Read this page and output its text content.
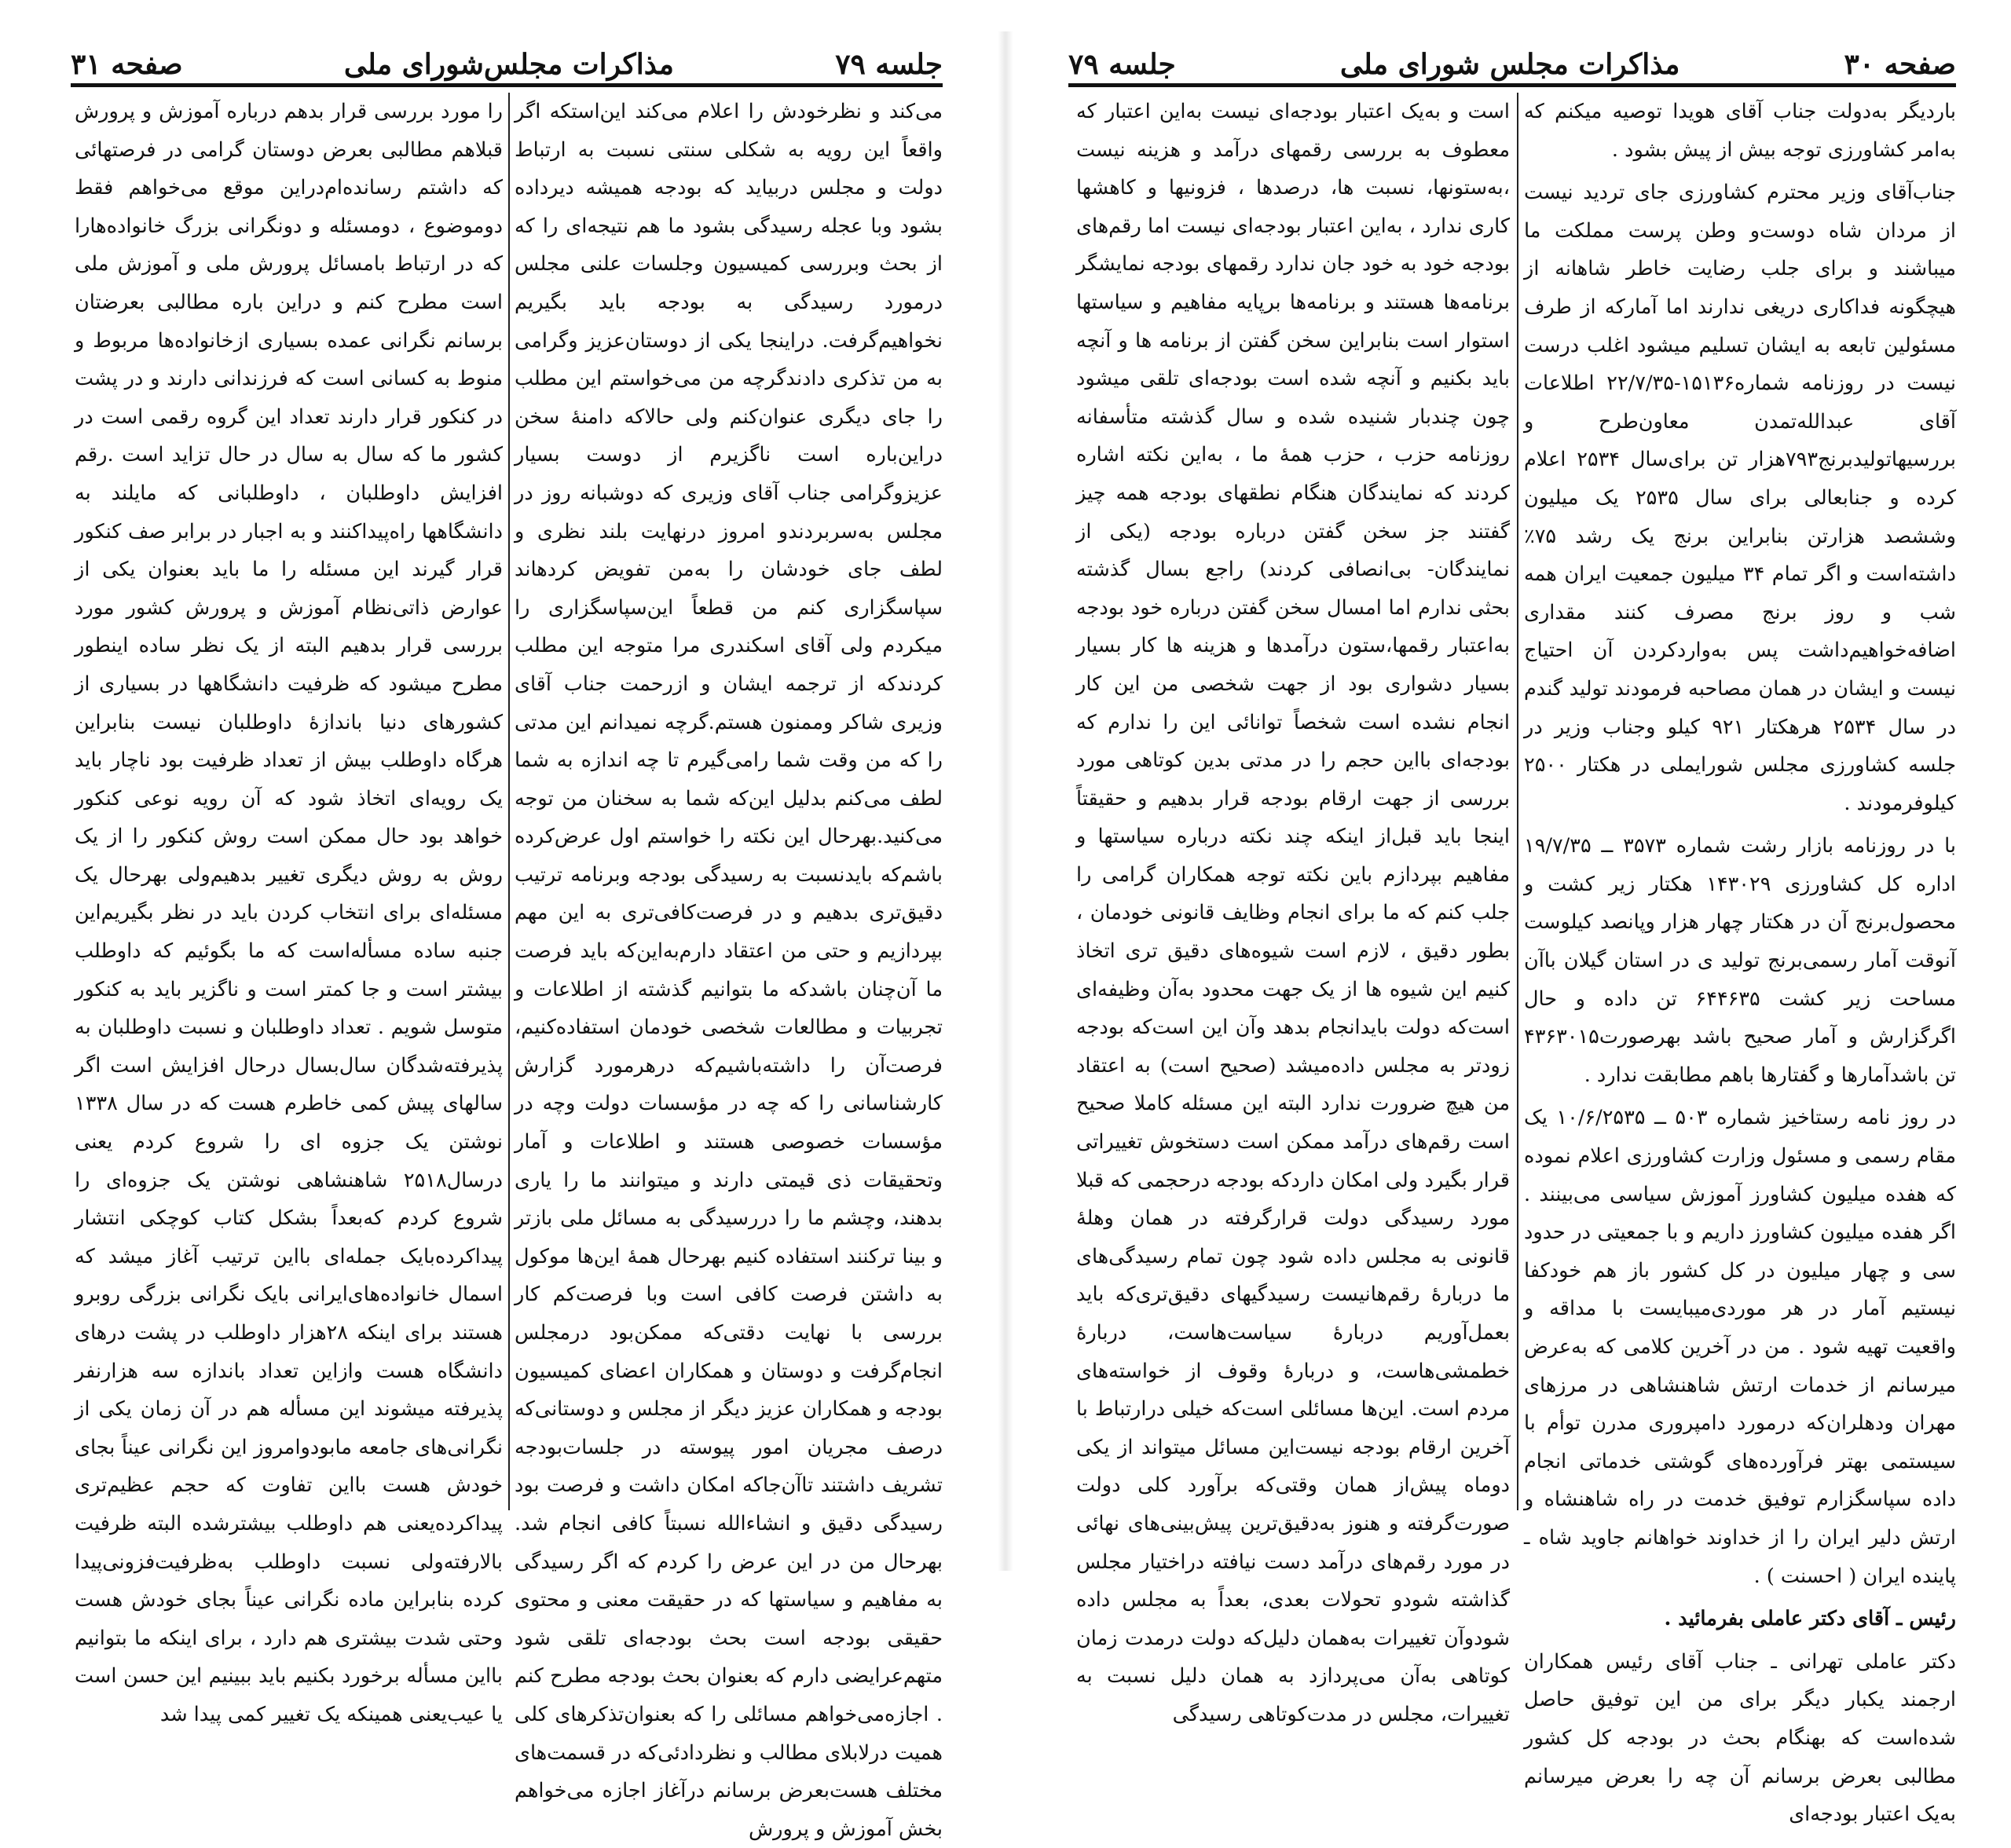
جلسه ۷۹
مذاکرات مجلس‌شورای ملی
صفحه ۳۱

می‌کند و نظرخودش را اعلام می‌کند این‌استکه اگر واقعاً این رویه به شکلی سنتی نسبت به ارتباط دولت و مجلس دربیاید که بودجه همیشه دیرداده بشود وبا عجله رسیدگی بشود ما هم نتیجه‌ای را که از بحث وبررسی کمیسیون وجلسات علنی مجلس درمورد رسیدگی به بودجه باید بگیریم نخواهیم‌گرفت. دراینجا یکی از دوستان‌عزیز وگرامی به من تذکری دادندگرچه من می‌خواستم این مطلب را جای دیگری عنوان‌کنم ولی حالاکه دامنهٔ سخن دراین‌باره است ناگزیرم از دوست بسیار عزیزوگرامی جناب آقای وزیری که دوشبانه روز در مجلس به‌سربردندو امروز درنهایت بلند نظری و لطف جای خودشان را به‌من تفویض کردهاند سپاسگزاری کنم من قطعاً این‌سپاسگزاری را میکردم ولی آقای اسکندری مرا متوجه این مطلب کردندکه از ترجمه ایشان و ازرحمت جناب آقای وزیری شاکر وممنون هستم.گرچه نمیدانم این مدتی را که من وقت شما رامی‌گیرم تا چه اندازه به شما لطف می‌کنم بدلیل این‌که شما به سخنان من توجه می‌کنید.بهرحال این نکته را خواستم اول عرض‌کرده باشم‌که بایدنسبت به رسیدگی بودجه وبرنامه ترتیب دقیق‌تری بدهیم و در فرصت‌کافی‌تری به این مهم بپردازیم و حتی من اعتقاد دارم‌به‌این‌که باید فرصت ما آن‌چنان باشدکه ما بتوانیم گذشته از اطلاعات و تجربیات و مطالعات شخصی خودمان استفاده‌کنیم، فرصت‌آن را داشته‌باشیم‌که درهرمورد گزارش کارشناسانی را که چه در مؤسسات دولت وچه در مؤسسات خصوصی هستند و اطلاعات و آمار وتحقیقات ذی قیمتی دارند و میتوانند ما را یاری بدهند، وچشم ما را دررسیدگی به مسائل ملی بازتر و بینا ترکنند استفاده کنیم بهرحال همهٔ این‌ها موکول به داشتن فرصت کافی است وبا فرصت‌کم کار بررسی با نهایت دقتی‌که ممکن‌بود درمجلس انجام‌گرفت و دوستان و همکاران اعضای کمیسیون بودجه و همکاران عزیز دیگر از مجلس و دوستانی‌که درصف مجریان امور پیوسته در جلسات‌بودجه تشریف داشتند تاآن‌جاکه امکان داشت و فرصت بود رسیدگی دقیق و انشاءالله نسبتاً کافی انجام شد. بهرحال من در این عرض را کردم که اگر رسیدگی به مفاهیم و سیاستها که در حقیقت معنی و محتوی حقیقی بودجه است بحث بودجه‌ای تلقی شود متهم‌عرایضی دارم که بعنوان بحث بودجه مطرح کنم . اجازه‌می‌خواهم مسائلی را که بعنوان‌تذکرهای کلی همیت درلابلای مطالب و نظردادئی‌که در قسمت‌های مختلف هست‌بعرض برسانم درآغاز اجازه می‌خواهم بخش آموزش و پرورش

را مورد بررسی قرار بدهم درباره آموزش و پرورش قبلاهم مطالبی بعرض دوستان گرامی در فرصتهائی که داشتم رسانده‌ام‌دراین موقع می‌خواهم فقط دوموضوع ، دومسئله و دونگرانی بزرگ خانواده‌هارا که در ارتباط بامسائل پرورش ملی و آموزش ملی است مطرح کنم و دراین باره مطالبی بعرضتان برسانم نگرانی عمده بسیاری ازخانواده‌ها مربوط و منوط به کسانی است که فرزندانی دارند و در پشت در کنکور قرار دارند تعداد این گروه رقمی است در کشور ما که سال به سال در حال تزاید است .رقم افزایش داوطلبان ، داوطلبانی که مایلند به دانشگاهها راه‌پیداکنند و به اجبار در برابر صف کنکور قرار گیرند این مسئله را ما باید بعنوان یکی از عوارض ذاتی‌نظام آموزش و پرورش کشور مورد بررسی قرار بدهیم البته از یک نظر ساده اینطور مطرح میشود که ظرفیت دانشگاهها در بسیاری از کشورهای دنیا باندازهٔ داوطلبان نیست بنابراین هرگاه داوطلب بیش از تعداد ظرفیت بود ناچار باید یک رویه‌ای اتخاذ شود که آن رویه نوعی کنکور خواهد بود حال ممکن است روش کنکور را از یک روش به روش دیگری تغییر بدهیم‌ولی بهرحال یک مسئله‌ای برای انتخاب کردن باید در نظر بگیریم‌این جنبه ساده مسأله‌است که ما بگوئیم که داوطلب بیشتر است و جا کمتر است و ناگزیر باید به کنکور متوسل شویم . تعداد داوطلبان و نسبت داوطلبان به پذیرفته‌شدگان سال‌بسال درحال افزایش است اگر سالهای پیش کمی خاطرم هست که در سال ۱۳۳۸ نوشتن یک جزوه ای را شروع کردم یعنی درسال۲۵۱۸ شاهنشاهی نوشتن یک جزوه‌ای را شروع کردم که‌بعداً بشکل کتاب کوچکی انتشار پیداکرده‌بایک جمله‌ای بااین ترتیب آغاز میشد که اسمال خانواده‌های‌ایرانی بایک نگرانی بزرگی روبرو هستند برای اینکه ۲۸هزار داوطلب در پشت درهای دانشگاه هست وازاین تعداد باندازه سه هزارنفر پذیرفته میشوند این مسأله هم در آن زمان یکی از نگرانی‌های جامعه مابودوامروز این نگرانی عیناً بجای خودش هست بااین تفاوت که حجم عظیم‌تری پیداکرده‌یعنی هم داوطلب بیشترشده البته ظرفیت بالارفته‌ولی نسبت داوطلب به‌ظرفیت‌فزونی‌پیدا کرده بنابراین ماده نگرانی عیناً بجای خودش هست وحتی شدت بیشتری هم دارد ، برای اینکه ما بتوانیم بااین مسأله برخورد بکنیم باید ببینیم این حسن است یا عیب‌یعنی همینکه یک تغییر کمی پیدا شد

صفحه ۳۰
مذاکرات مجلس شورای ملی
جلسه ۷۹

باردیگر به‌دولت جناب آقای هویدا توصیه میکنم که به‌امر کشاورزی توجه بیش از پیش بشود .

جناب‌آقای وزیر محترم کشاورزی جای تردید نیست از مردان شاه دوست‌و وطن پرست مملکت ما میباشند و برای جلب رضایت خاطر شاهانه از هیچگونه فداکاری دریغی ندارند اما آمارکه از طرف مسئولین تابعه به ایشان تسلیم میشود اغلب درست نیست در روزنامه شماره۱۵۱۳۶-۲۲/۷/۳۵ اطلاعات آقای عبدالله‌تمدن معاون‌طرح و بررسیهاتولیدبرنج۷۹۳هزار تن برای‌سال ۲۵۳۴ اعلام کرده و جنابعالی برای سال ۲۵۳۵ یک میلیون وششصد هزارتن بنابراین برنج یک رشد ۷۵٪ داشته‌است و اگر تمام ۳۴ میلیون جمعیت ایران همه شب و روز برنج مصرف کنند مقداری اضافه‌خواهیم‌داشت پس به‌واردکردن آن احتیاج نیست و ایشان در همان مصاحبه فرمودند تولید گندم در سال ۲۵۳۴ هرهکتار ۹۲۱ کیلو وجناب وزیر در جلسه کشاورزی مجلس شورایملی در هکتار ۲۵۰۰ کیلوفرمودند .

با در روزنامه بازار رشت شماره ۳۵۷۳ ــ ۱۹/۷/۳۵ اداره کل کشاورزی ۱۴۳۰۲۹ هکتار زیر کشت و محصول‌برنج آن در هکتار چهار هزار وپانصد کیلوست آنوقت آمار رسمی‌برنج تولید ی در استان گیلان باآن مساحت زیر کشت ۶۴۴۶۳۵ تن داده و حال اگرگزارش و آمار صحیح باشد بهرصورت۴۳۶۳۰۱۵ تن باشدآمارها و گفتارها باهم مطابقت ندارد .

در روز نامه رستاخیز شماره ۵۰۳ ــ ۱۰/۶/۲۵۳۵ یک مقام رسمی و مسئول وزارت کشاورزی اعلام نموده که هفده میلیون کشاورز آموزش سیاسی می‌بینند . اگر هفده میلیون کشاورز داریم و با جمعیتی در حدود سی و چهار میلیون در کل کشور باز هم خودکفا نیستیم آمار در هر موردی‌میبایست با مداقه و واقعیت تهیه شود . من در آخرین کلامی که به‌عرض میرسانم از خدمات ارتش شاهنشاهی در مرزهای مهران ودهلران‌که درمورد دامپروری مدرن توأم با سیستمی بهتر فرآورده‌های گوشتی خدماتی انجام داده سپاسگزارم توفیق خدمت در راه شاهنشاه و ارتش دلیر ایران را از خداوند خواهانم جاوید شاه ـ پاینده ایران ( احسنت ) .

رئیس ـ آقای دکتر عاملی بفرمائید .

دکتر عاملی تهرانی ـ جناب آقای رئیس همکاران ارجمند یکبار دیگر برای من این توفیق حاصل شده‌است که بهنگام بحث در بودجه کل کشور مطالبی بعرض برسانم آن چه را بعرض میرسانم به‌یک اعتبار بودجه‌ای

است و به‌یک اعتبار بودجه‌ای نیست به‌این اعتبار که معطوف به بررسی رقمهای درآمد و هزینه نیست ،به‌ستونها، نسبت ها، درصدها ، فزونیها و کاهشها کاری ندارد ، به‌این اعتبار بودجه‌ای نیست اما رقم‌های بودجه خود به خود جان ندارد رقمهای بودجه نمایشگر برنامه‌ها هستند و برنامه‌ها برپایه مفاهیم و سیاستها استوار است بنابراین سخن گفتن از برنامه ها و آنچه باید بکنیم و آنچه شده است بودجه‌ای تلقی میشود چون چندبار شنیده شده و سال گذشته متأسفانه روزنامه حزب ، حزب همهٔ ما ، به‌این نکته اشاره کردند که نمایندگان هنگام نطقهای بودجه همه چیز گفتند جز سخن گفتن درباره بودجه (یکی از نمایندگان- بی‌انصافی کردند) راجع بسال گذشته بحثی ندارم اما امسال سخن گفتن درباره خود بودجه به‌اعتبار رقمها،ستون درآمدها و هزینه ها کار بسیار بسیار دشواری بود از جهت شخصی من این کار انجام نشده است شخصاً توانائی این را ندارم که بودجه‌ای بااین حجم را در مدتی بدین کوتاهی مورد بررسی از جهت ارقام بودجه قرار بدهیم و حقیقتاً اینجا باید قبل‌از اینکه چند نکته درباره سیاستها و مفاهیم بپردازم باین نکته توجه همکاران گرامی را جلب کنم که ما برای انجام وظایف قانونی خودمان ، بطور دقیق ، لازم است شیوه‌های دقیق تری اتخاذ کنیم این شیوه ها از یک جهت محدود به‌آن وظیفه‌ای است‌که دولت بایدانجام بدهد وآن این است‌که بودجه زودتر به مجلس داده‌میشد (صحیح است) به اعتقاد من هیچ ضرورت ندارد البته این مسئله کاملا صحیح است رقم‌های درآمد ممکن است دستخوش تغییراتی قرار بگیرد ولی امکان داردکه بودجه درحجمی که قبلا مورد رسیدگی دولت قرارگرفته در همان وهلهٔ قانونی به مجلس داده شود چون تمام رسیدگی‌های ما دربارهٔ رقم‌هانیست رسیدگیهای دقیق‌تری‌که باید بعمل‌آوریم دربارهٔ سیاست‌هاست، دربارهٔ خطمشی‌هاست، و دربارهٔ وقوف از خواسته‌های مردم است. این‌ها مسائلی است‌که خیلی درارتباط با آخرین ارقام بودجه نیست‌این مسائل میتواند از یکی دوماه پیش‌از همان وقتی‌که برآورد کلی دولت صورت‌گرفته و هنوز به‌دقیق‌ترین پیش‌بینی‌های نهائی در مورد رقم‌های درآمد دست نیافته دراختیار مجلس گذاشته شودو تحولات بعدی، بعداً به مجلس داده شودوآن تغییرات به‌همان دلیل‌که دولت درمدت زمان کوتاهی به‌آن می‌پردازد به همان دلیل نسبت به تغییرات، مجلس در مدت‌کوتاهی رسیدگی
